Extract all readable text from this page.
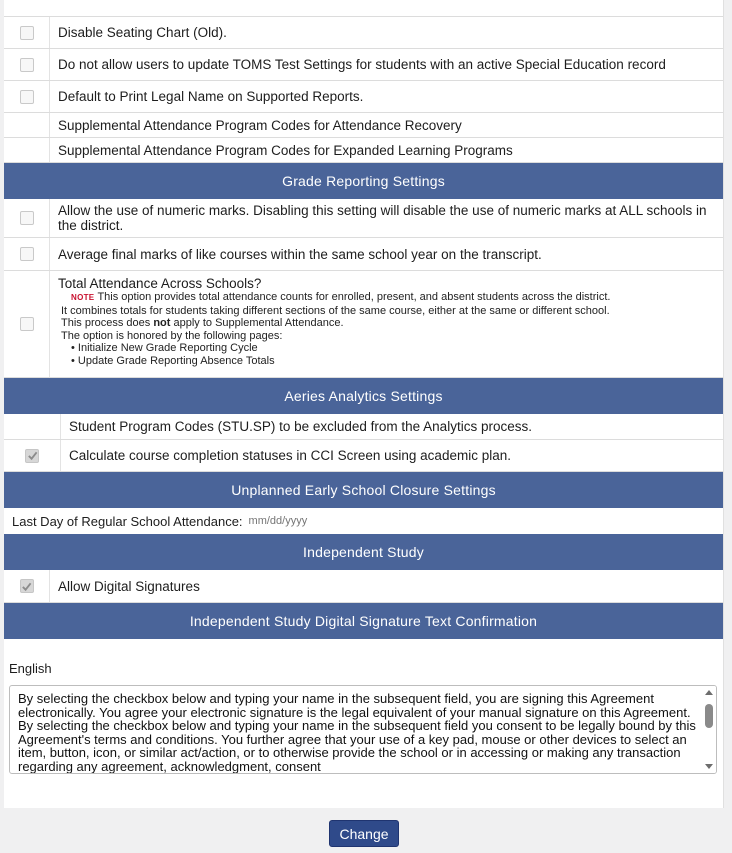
Disable Seating Chart (Old).
Do not allow users to update TOMS Test Settings for students with an active Special Education record
Default to Print Legal Name on Supported Reports.
Supplemental Attendance Program Codes for Attendance Recovery
Supplemental Attendance Program Codes for Expanded Learning Programs
Grade Reporting Settings
Allow the use of numeric marks. Disabling this setting will disable the use of numeric marks at ALL schools in the district.
Average final marks of like courses within the same school year on the transcript.
Total Attendance Across Schools?
NOTE This option provides total attendance counts for enrolled, present, and absent students across the district.
It combines totals for students taking different sections of the same course, either at the same or different school.
This process does not apply to Supplemental Attendance.
The option is honored by the following pages:
• Initialize New Grade Reporting Cycle
• Update Grade Reporting Absence Totals
Aeries Analytics Settings
Student Program Codes (STU.SP) to be excluded from the Analytics process.
Calculate course completion statuses in CCI Screen using academic plan.
Unplanned Early School Closure Settings
Last Day of Regular School Attendance:
mm/dd/yyyy
Independent Study
Allow Digital Signatures
Independent Study Digital Signature Text Confirmation
English
By selecting the checkbox below and typing your name in the subsequent field, you are signing this Agreement electronically. You agree your electronic signature is the legal equivalent of your manual signature on this Agreement. By selecting the checkbox below and typing your name in the subsequent field you consent to be legally bound by this Agreement's terms and conditions. You further agree that your use of a key pad, mouse or other devices to select an item, button, icon, or similar act/action, or to otherwise provide the school or in accessing or making any transaction regarding any agreement, acknowledgment, consent
Change
